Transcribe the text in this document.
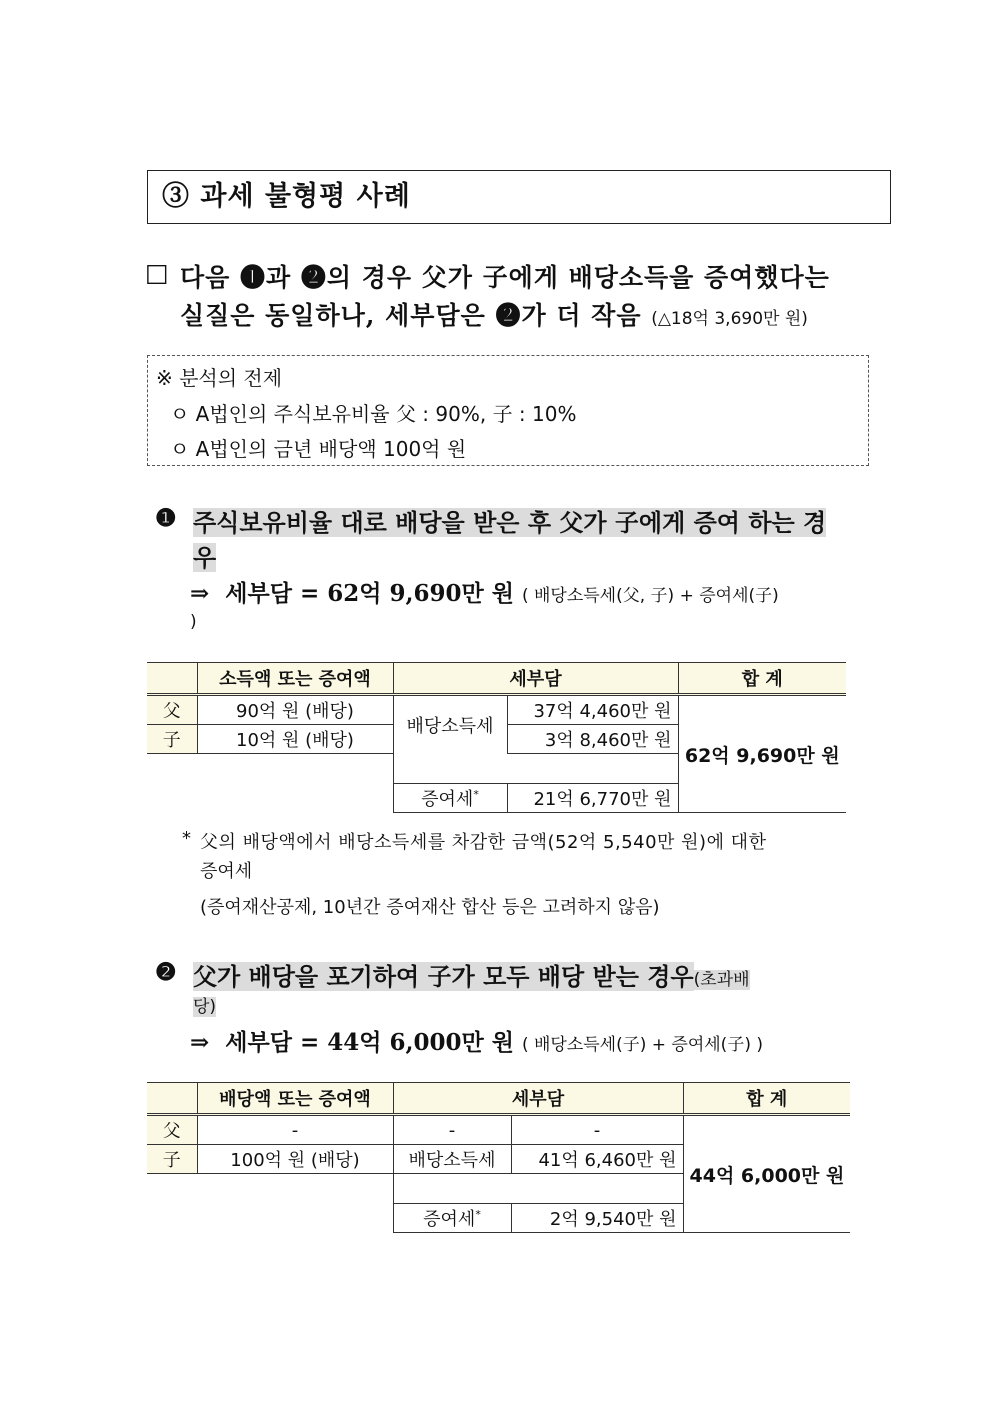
③ 과세 불형평 사례
□ 다음 ❶과 ❷의 경우 父가 子에게 배당소득을 증여했다는
실질은 동일하나, 세부담은 ❷가 더 작음 (△18억 3,690만 원)
※ 분석의 전제
ㅇ A법인의 주식보유비율 父 : 90%, 子 : 10%
ㅇ A법인의 금년 배당액 100억 원
❶ 주식보유비율 대로 배당을 받은 후 父가 子에게 증여 하는 경
우
⇒ 세부담 = 62억 9,690만 원 ( 배당소득세(父, 子) + 증여세(子)
)
	소득액 또는 증여액	세부담		합 계
父	90억 원 (배당)	배당소득세	37억 4,460만 원	62억 9,690만 원
子	10억 원 (배당)		3억 8,460만 원	

		증여세*	21억 6,770만 원	
* 父의 배당액에서 배당소득세를 차감한 금액(52억 5,540만 원)에 대한
증여세
(증여재산공제, 10년간 증여재산 합산 등은 고려하지 않음)
❷ 父가 배당을 포기하여 子가 모두 배당 받는 경우(초과배
당)
⇒ 세부담 = 44억 6,000만 원 ( 배당소득세(子) + 증여세(子) )
	배당액 또는 증여액	세부담		합 계
父	-	-	-	44억 6,000만 원
子	100억 원 (배당)	배당소득세	41억 6,460만 원	

		증여세*	2억 9,540만 원	
